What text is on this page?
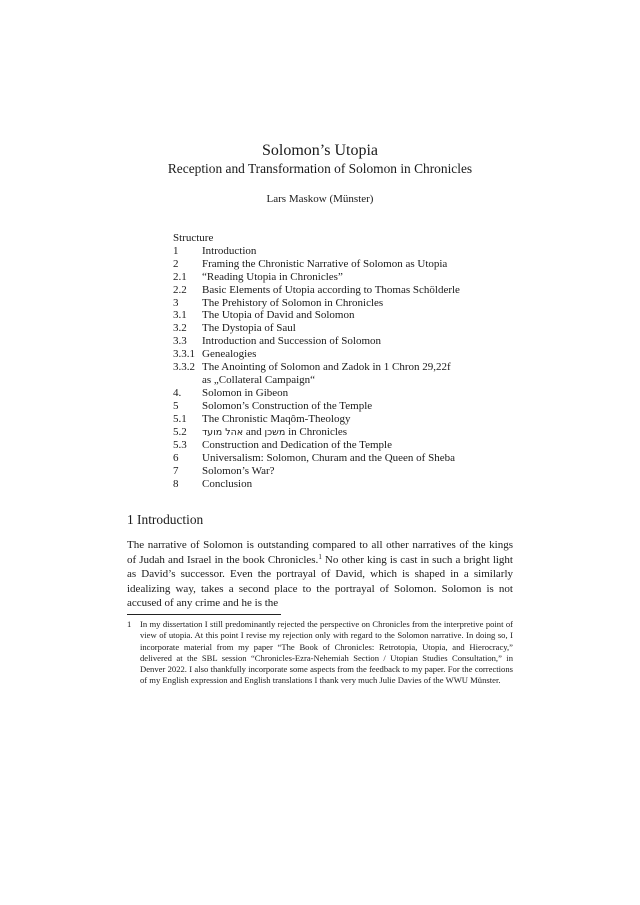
Solomon’s Utopia
Reception and Transformation of Solomon in Chronicles
Lars Maskow (Münster)
Structure
1	Introduction
2	Framing the Chronistic Narrative of Solomon as Utopia
2.1	“Reading Utopia in Chronicles”
2.2	Basic Elements of Utopia according to Thomas Schölderle
3	The Prehistory of Solomon in Chronicles
3.1	The Utopia of David and Solomon
3.2	The Dystopia of Saul
3.3	Introduction and Succession of Solomon
3.3.1 Genealogies
3.3.2 The Anointing of Solomon and Zadok in 1 Chron 29,22f
as „Collateral Campaign“
4.	Solomon in Gibeon
5	Solomon’s Construction of the Temple
5.1	The Chronistic Maqôm-Theology
5.2	אהל מועד and משכן in Chronicles
5.3	Construction and Dedication of the Temple
6	Universalism: Solomon, Churam and the Queen of Sheba
7	Solomon’s War?
8	Conclusion
1 Introduction

The narrative of Solomon is outstanding compared to all other narratives of the kings of Judah and Israel in the book Chronicles.$^1$ No other king is cast in such a bright light as David’s successor. Even the portrayal of David, which is shaped in a similarly idealizing way, takes a second place to the portrayal of Solomon. Solomon is not accused of any crime and he is the

1	In my dissertation I still predominantly rejected the perspective on Chronicles from the interpretive point of view of utopia. At this point I revise my rejection only with regard to the Solomon narrative. In doing so, I incorporate material from my paper “The Book of Chronicles: Retrotopia, Utopia, and Hierocracy,” delivered at the SBL session “Chronicles-Ezra-Nehemiah Section / Utopian Studies Consultation,” in Denver 2022. I also thankfully incorporate some aspects from the feedback to my paper. For the corrections of my English expression and English translations I thank very much Julie Davies of the WWU Münster.
